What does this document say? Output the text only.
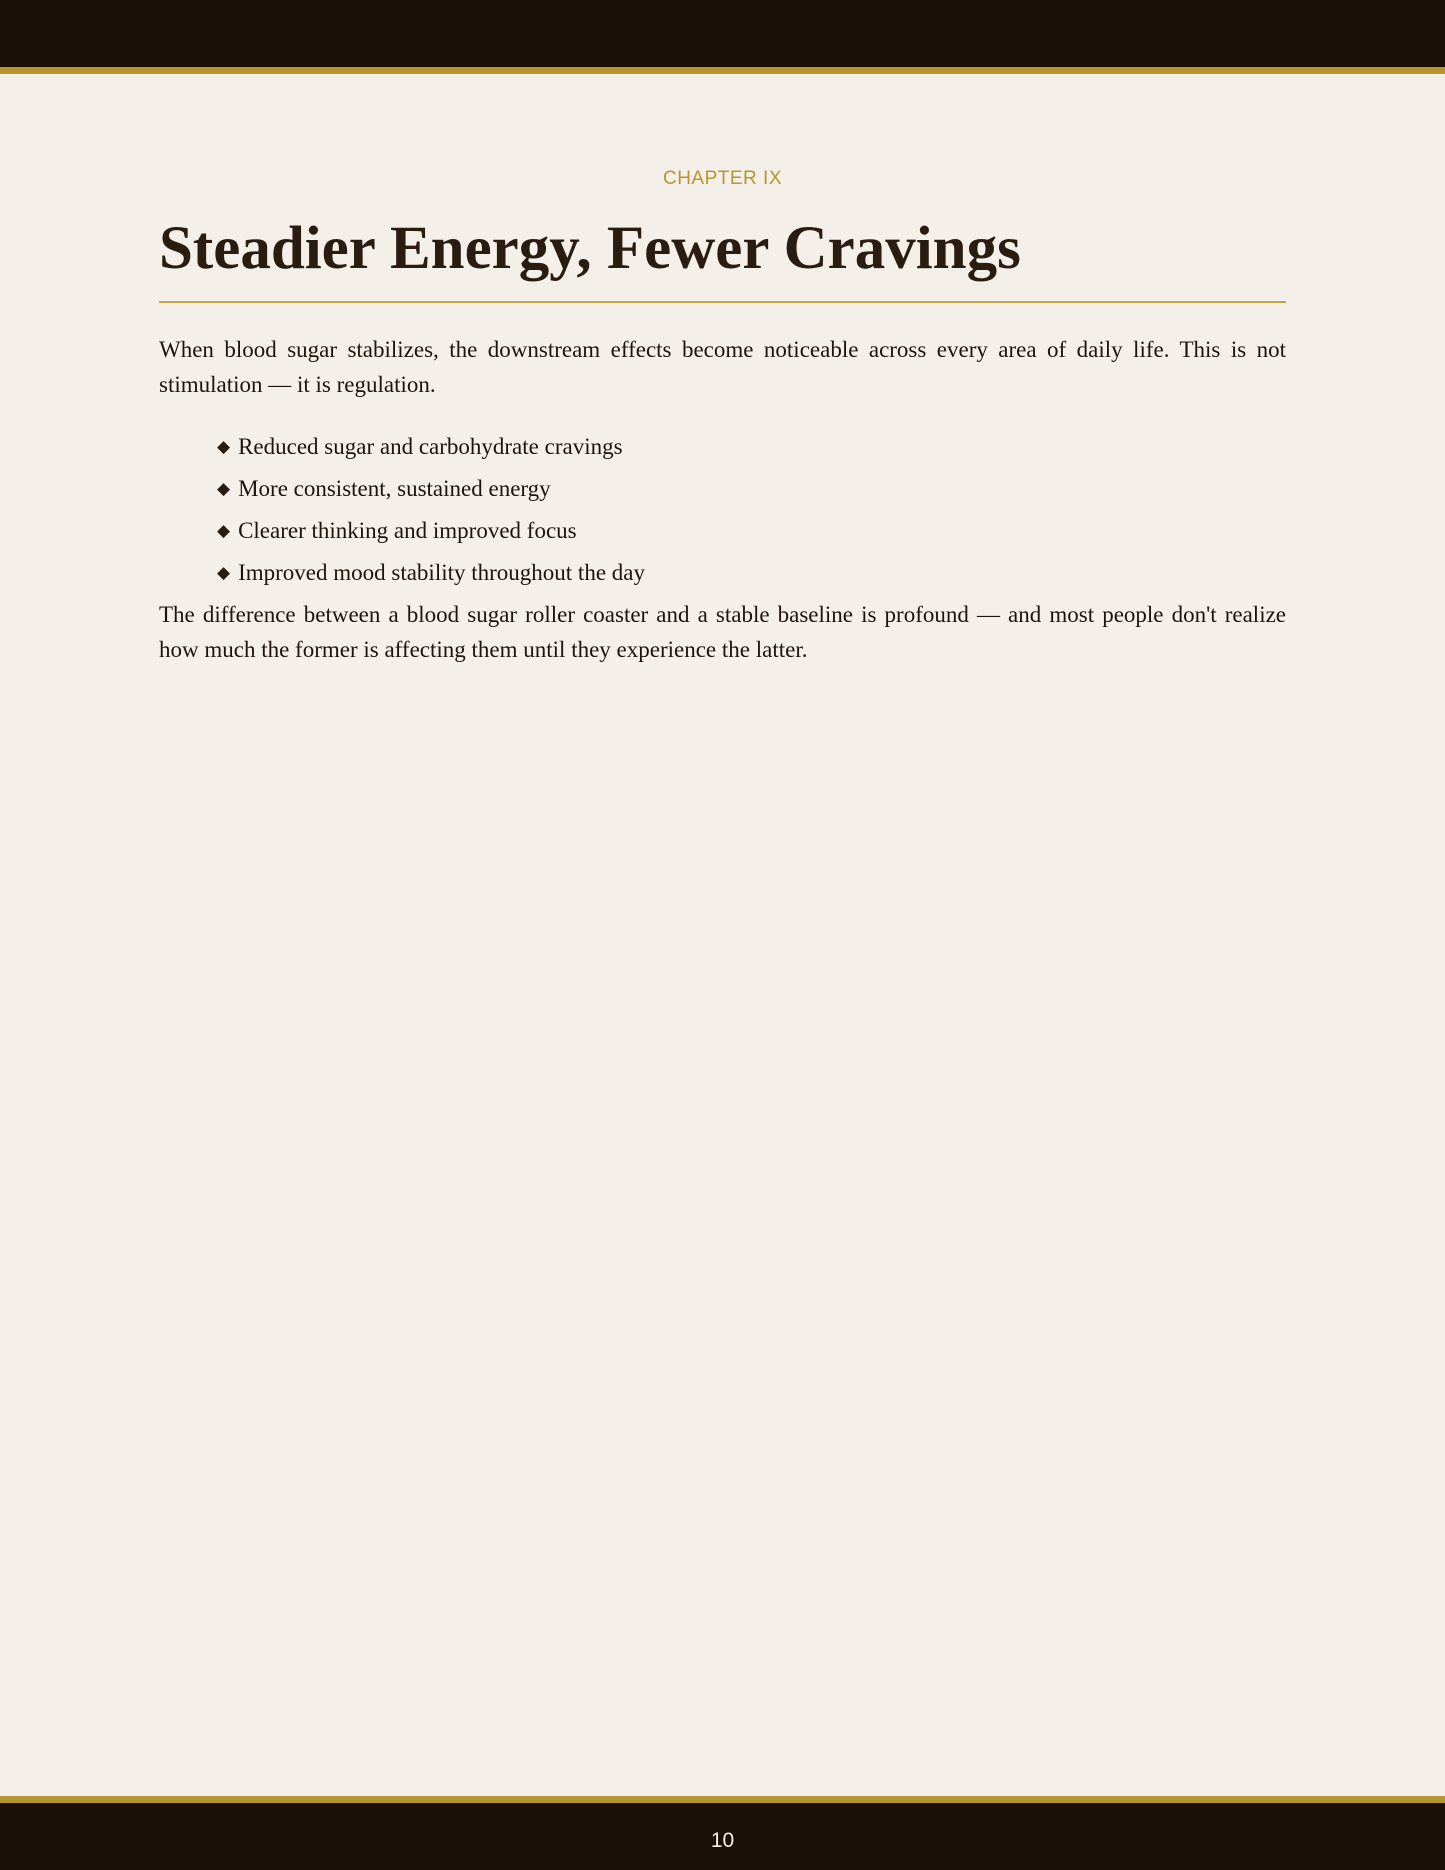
CHAPTER IX
Steadier Energy, Fewer Cravings

When blood sugar stabilizes, the downstream effects become noticeable across every area of daily life. This is not stimulation — it is regulation.

◆ Reduced sugar and carbohydrate cravings
◆ More consistent, sustained energy
◆ Clearer thinking and improved focus
◆ Improved mood stability throughout the day

The difference between a blood sugar roller coaster and a stable baseline is profound — and most people don't realize how much the former is affecting them until they experience the latter.

10
